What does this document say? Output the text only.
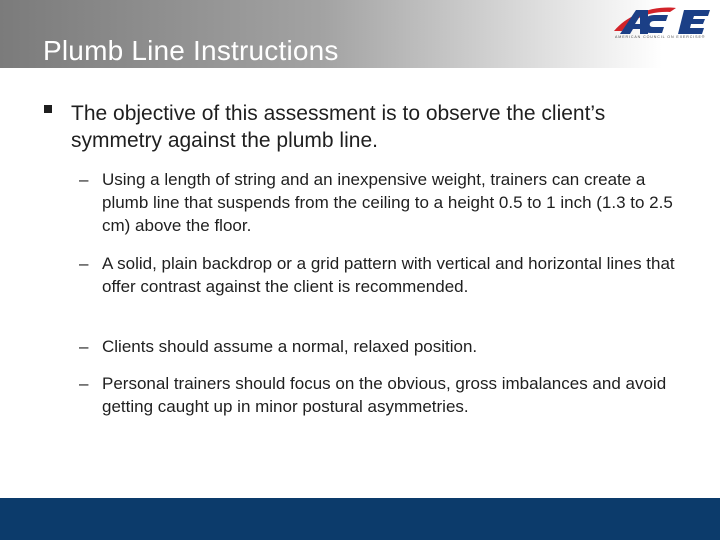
Plumb Line Instructions	AMERICAN COUNCIL ON EXERCISE®
The objective of this assessment is to observe the client’s symmetry against the plumb line.
– Using a length of string and an inexpensive weight, trainers can create a plumb line that suspends from the ceiling to a height 0.5 to 1 inch (1.3 to 2.5 cm) above the floor.
– A solid, plain backdrop or a grid pattern with vertical and horizontal lines that offer contrast against the client is recommended.
– Clients should assume a normal, relaxed position.
– Personal trainers should focus on the obvious, gross imbalances and avoid getting caught up in minor postural asymmetries.
